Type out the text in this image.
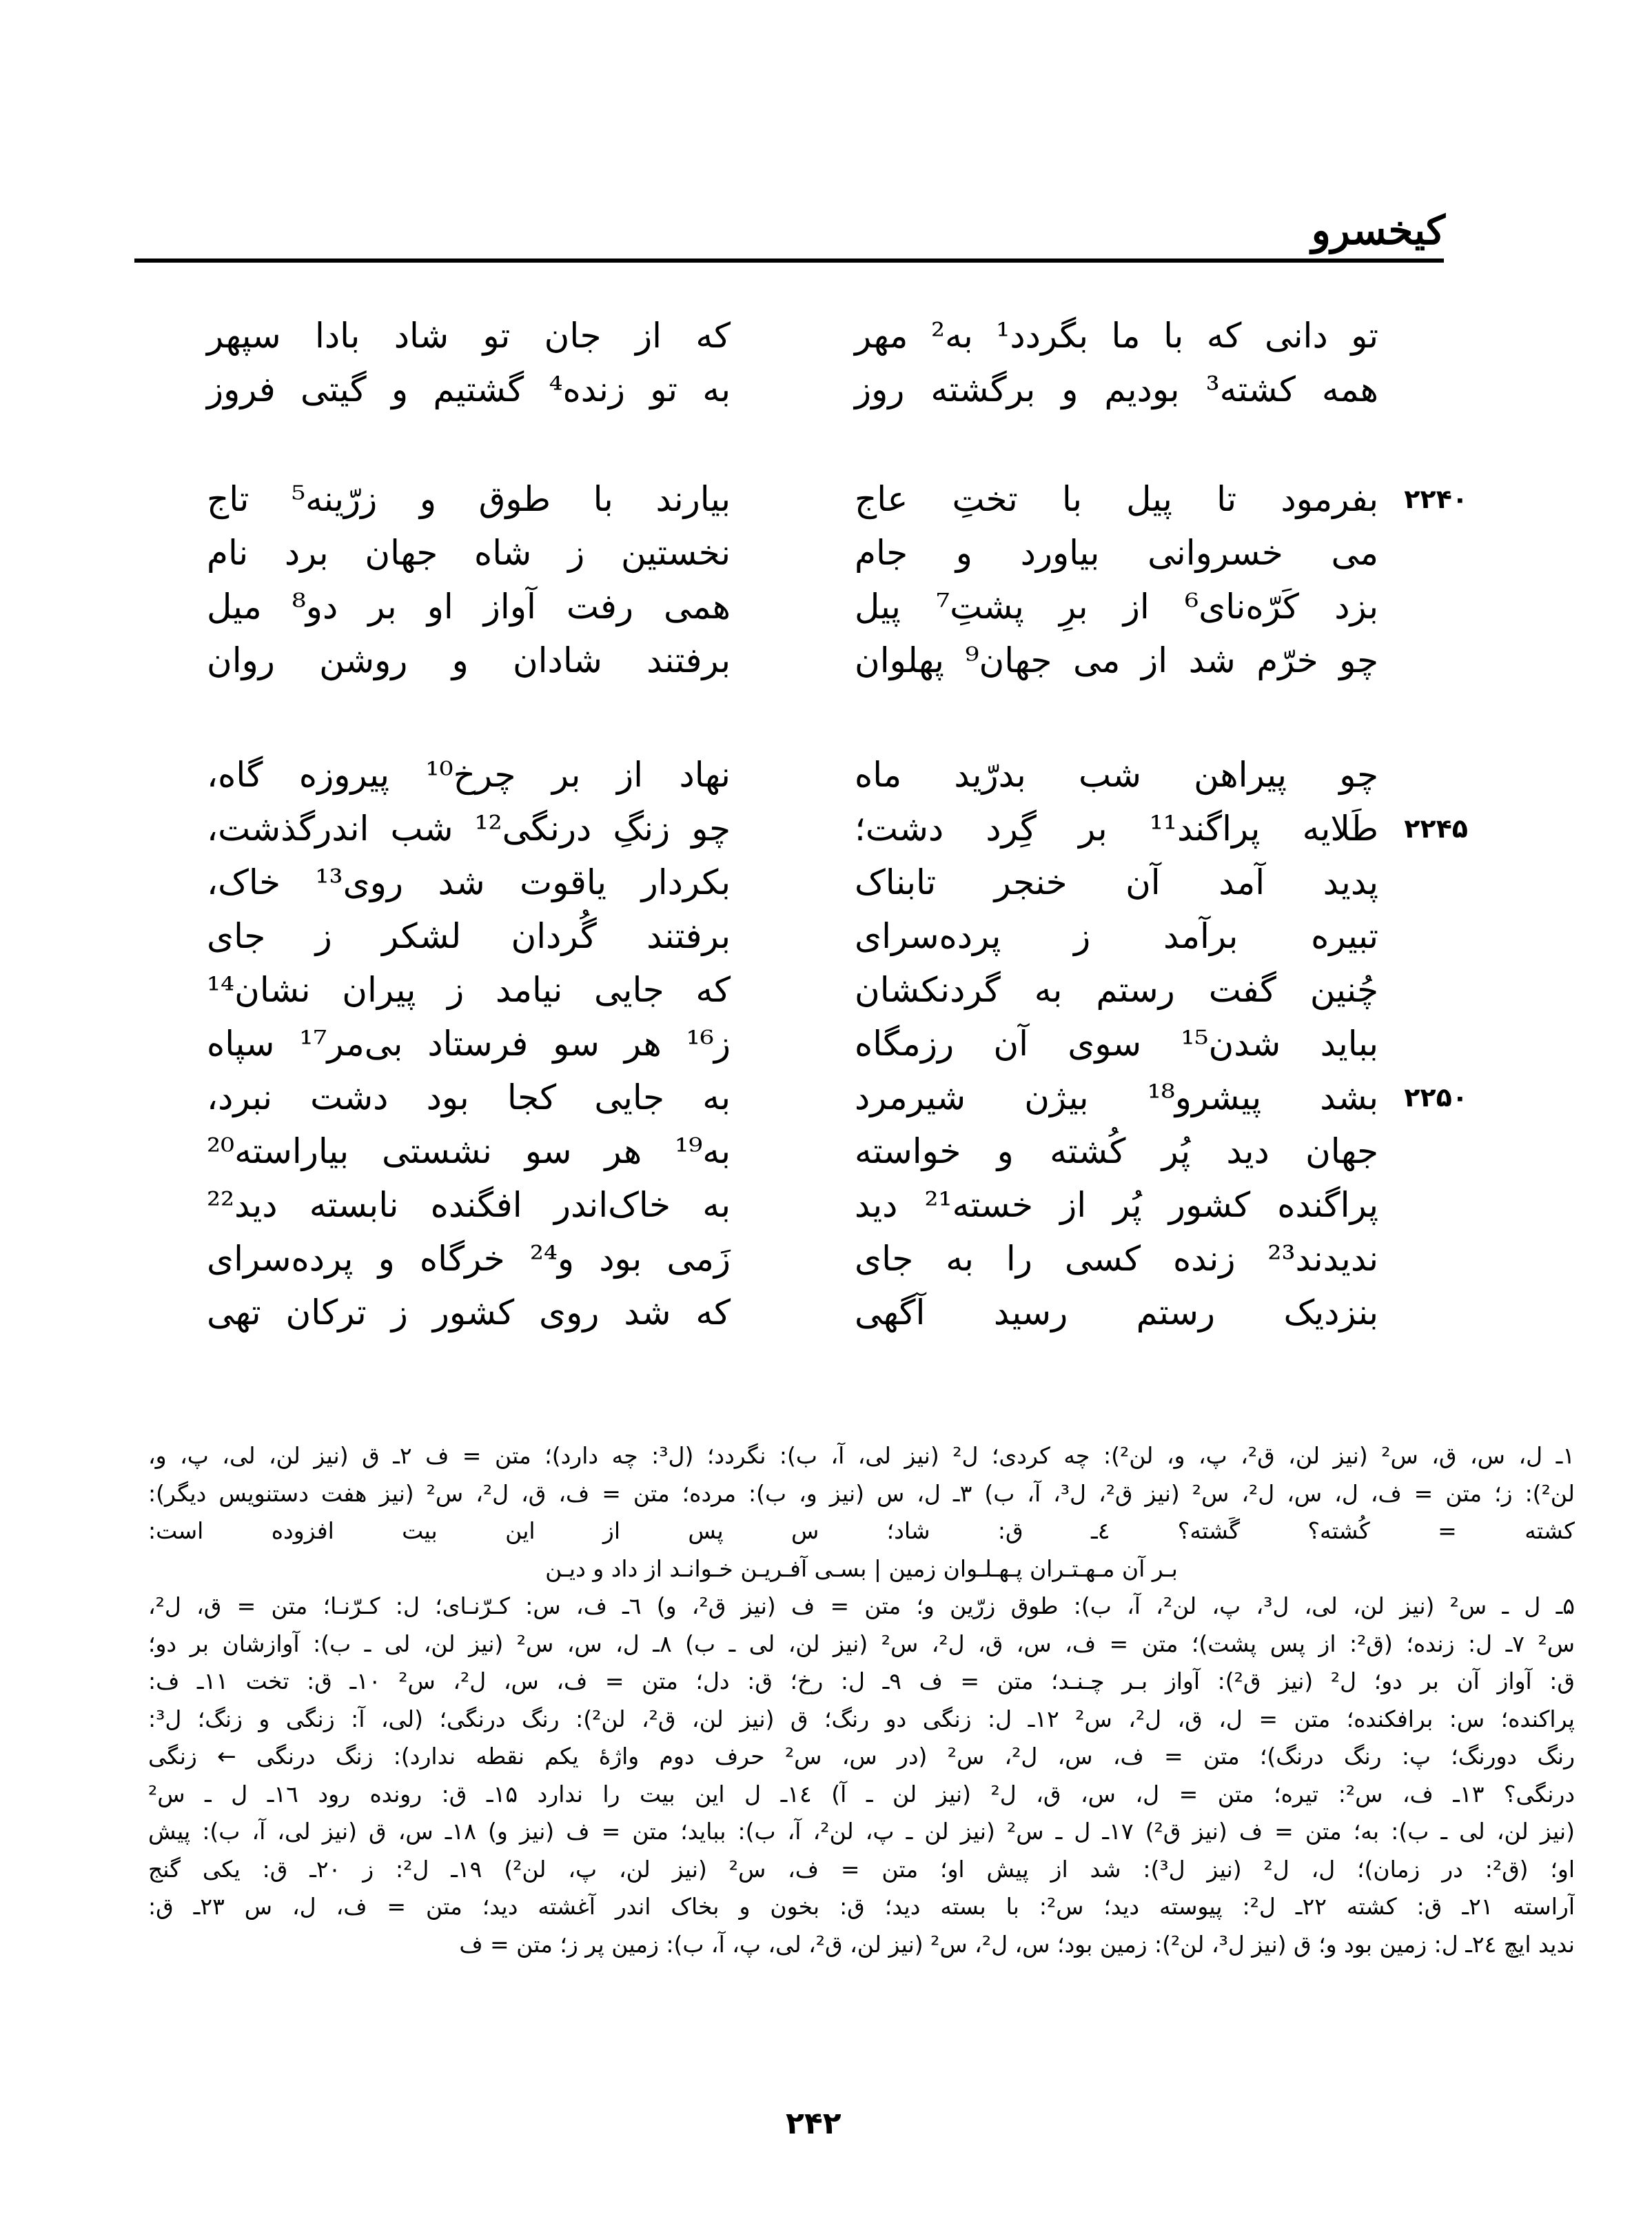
کیخسرو
تو دانی که با ما بگردد¹ به² مهر
که از جان تو شاد بادا سپهر
همه کشته³ بودیم و برگشته روز
به تو زنده⁴ گشتیم و گیتی فروز
۲۲۴۰
بفرمود تا پیل با تختِ عاج
بیارند با طوق و زرّینه⁵ تاج
می خسروانی بیاورد و جام
نخستین ز شاه جهان برد نام
بزد کَرّه‌نای⁶ از برِ پشتِ⁷ پیل
همی رفت آواز او بر دو⁸ میل
چو خرّم شد از می جهان⁹ پهلوان
برفتند شادان و روشن روان
چو پیراهن شب بدرّید ماه
نهاد از بر چرخ¹⁰ پیروزه گاه،
۲۲۴۵
طَلایه پراگند¹¹ بر گِرد دشت؛
چو زنگِ درنگی¹² شب اندرگذشت،
پدید آمد آن خنجر تابناک
بکردار یاقوت شد روی¹³ خاک،
تبیره برآمد ز پرده‌سرای
برفتند گُردان لشکر ز جای
چُنین گفت رستم به گردنکشان
که جایی نیامد ز پیران نشان¹⁴
بباید شدن¹⁵ سوی آن رزمگاه
ز¹⁶ هر سو فرستاد بی‌مر¹⁷ سپاه
۲۲۵۰
بشد پیشرو¹⁸ بیژن شیرمرد
به جایی کجا بود دشت نبرد،
جهان دید پُر کُشته و خواسته
به¹⁹ هر سو نشستی بیاراسته²⁰
پراگنده کشور پُر از خسته²¹ دید
به خاک‌اندر افگنده نابسته دید²²
ندیدند²³ زنده کسی را به جای
زَمی بود و²⁴ خرگاه و پرده‌سرای
بنزدیک رستم رسید آگهی
که شد روی کشور ز ترکان تهی
۱ـ ل، س، ق، س² (نیز لن، ق²، پ، و، لن²): چه کردی؛ ل² (نیز لی، آ، ب): نگردد؛ (ل³: چه دارد)؛ متن = ف ۲ـ ق (نیز لن، لی، پ، و،
لن²): ز؛ متن = ف، ل، س، ل²، س² (نیز ق²، ل³، آ، ب) ۳ـ ل، س (نیز و، ب): مرده؛ متن = ف، ق، ل²، س² (نیز هفت دستنویس دیگر):
کشته = کُشته؟ گَشته؟ ٤ـ ق: شاد؛ س پس از این بیت افزوده است:
بـر آن مـهـتـران پـهـلـوان زمین | بسـی آفـریـن خـوانـد از داد و دیـن
۵ـ ل ـ س² (نیز لن، لی، ل³، پ، لن²، آ، ب): طوق زرّین و؛ متن = ف (نیز ق²، و) ٦ـ ف، س: کـرّنـای؛ ل: کـرّنـا؛ متن = ق، ل²،
س² ۷ـ ل: زنده؛ (ق²: از پس پشت)؛ متن = ف، س، ق، ل²، س² (نیز لن، لی ـ ب) ۸ـ ل، س، س² (نیز لن، لی ـ ب): آوازشان بر دو؛
ق: آواز آن بر دو؛ ل² (نیز ق²): آواز بـر چـنـد؛ متن = ف ۹ـ ل: رخ؛ ق: دل؛ متن = ف، س، ل²، س² ۱۰ـ ق: تخت ۱۱ـ ف:
پراکنده؛ س: برافکنده؛ متن = ل، ق، ل²، س² ۱۲ـ ل: زنگی دو رنگ؛ ق (نیز لن، ق²، لن²): رنگ درنگی؛ (لی، آ: زنگی و زنگ؛ ل³:
رنگ دورنگ؛ پ: رنگ درنگ)؛ متن = ف، س، ل²، س² (در س، س² حرف دوم واژهٔ یکم نقطه ندارد): زنگ درنگی ← زنگی
درنگی؟ ۱۳ـ ف، س²: تیره؛ متن = ل، س، ق، ل² (نیز لن ـ آ) ۱٤ـ ل این بیت را ندارد ۱۵ـ ق: رونده رود ۱٦ـ ل ـ س²
(نیز لن، لی ـ ب): به؛ متن = ف (نیز ق²) ۱۷ـ ل ـ س² (نیز لن ـ پ، لن²، آ، ب): بباید؛ متن = ف (نیز و) ۱۸ـ س، ق (نیز لی، آ، ب): پیش
او؛ (ق²: در زمان)؛ ل، ل² (نیز ل³): شد از پیش او؛ متن = ف، س² (نیز لن، پ، لن²) ۱۹ـ ل²: ز ۲۰ـ ق: یکی گنج
آراسته ۲۱ـ ق: کشته ۲۲ـ ل²: پیوسته دید؛ س²: با بسته دید؛ ق: بخون و بخاک اندر آغشته دید؛ متن = ف، ل، س ۲۳ـ ق:
ندید ایچ ۲٤ـ ل: زمین بود و؛ ق (نیز ل³، لن²): زمین بود؛ س، ل²، س² (نیز لن، ق²، لی، پ، آ، ب): زمین پر ز؛ متن = ف
۲۴۲
